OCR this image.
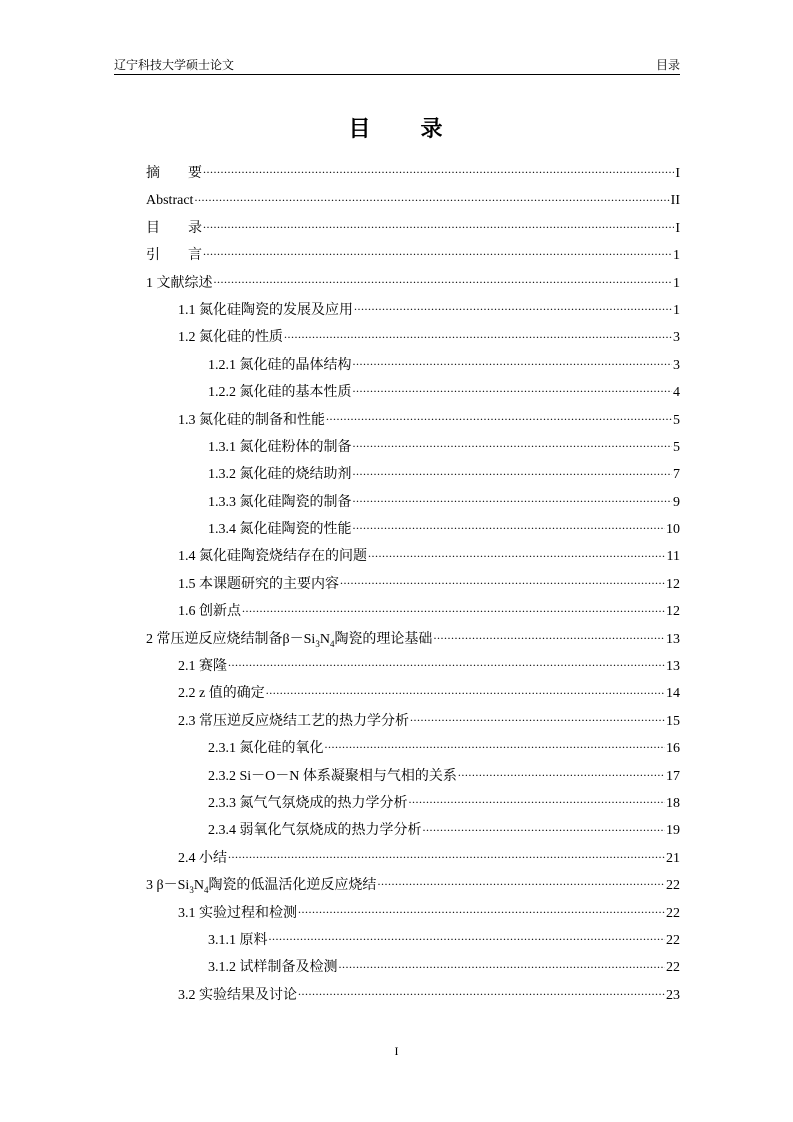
辽宁科技大学硕士论文	目录
目　　录
摘　　要 .....	I
Abstract .....	II
目　　录 .....	I
引　　言 .....	1
1 文献综述 .....	1
1.1 氮化硅陶瓷的发展及应用 .....	1
1.2 氮化硅的性质 .....	3
1.2.1 氮化硅的晶体结构 .....	3
1.2.2 氮化硅的基本性质 .....	4
1.3 氮化硅的制备和性能 .....	5
1.3.1 氮化硅粉体的制备 .....	5
1.3.2 氮化硅的烧结助剂 .....	7
1.3.3 氮化硅陶瓷的制备 .....	9
1.3.4 氮化硅陶瓷的性能 .....	10
1.4 氮化硅陶瓷烧结存在的问题 .....	11
1.5 本课题研究的主要内容 .....	12
1.6 创新点 .....	12
2 常压逆反应烧结制备$\beta-Si_3N_4$陶瓷的理论基础 .....	13
2.1 赛隆 .....	13
2.2 z 值的确定 .....	14
2.3 常压逆反应烧结工艺的热力学分析 .....	15
2.3.1 氮化硅的氧化 .....	16
2.3.2 Si－O－N 体系凝聚相与气相的关系 .....	17
2.3.3 氮气气氛烧成的热力学分析 .....	18
2.3.4 弱氧化气氛烧成的热力学分析 .....	19
2.4 小结 .....	21
3 $\beta-Si_3N_4$陶瓷的低温活化逆反应烧结 .....	22
3.1 实验过程和检测 .....	22
3.1.1 原料 .....	22
3.1.2 试样制备及检测 .....	22
3.2 实验结果及讨论 .....	23
I
